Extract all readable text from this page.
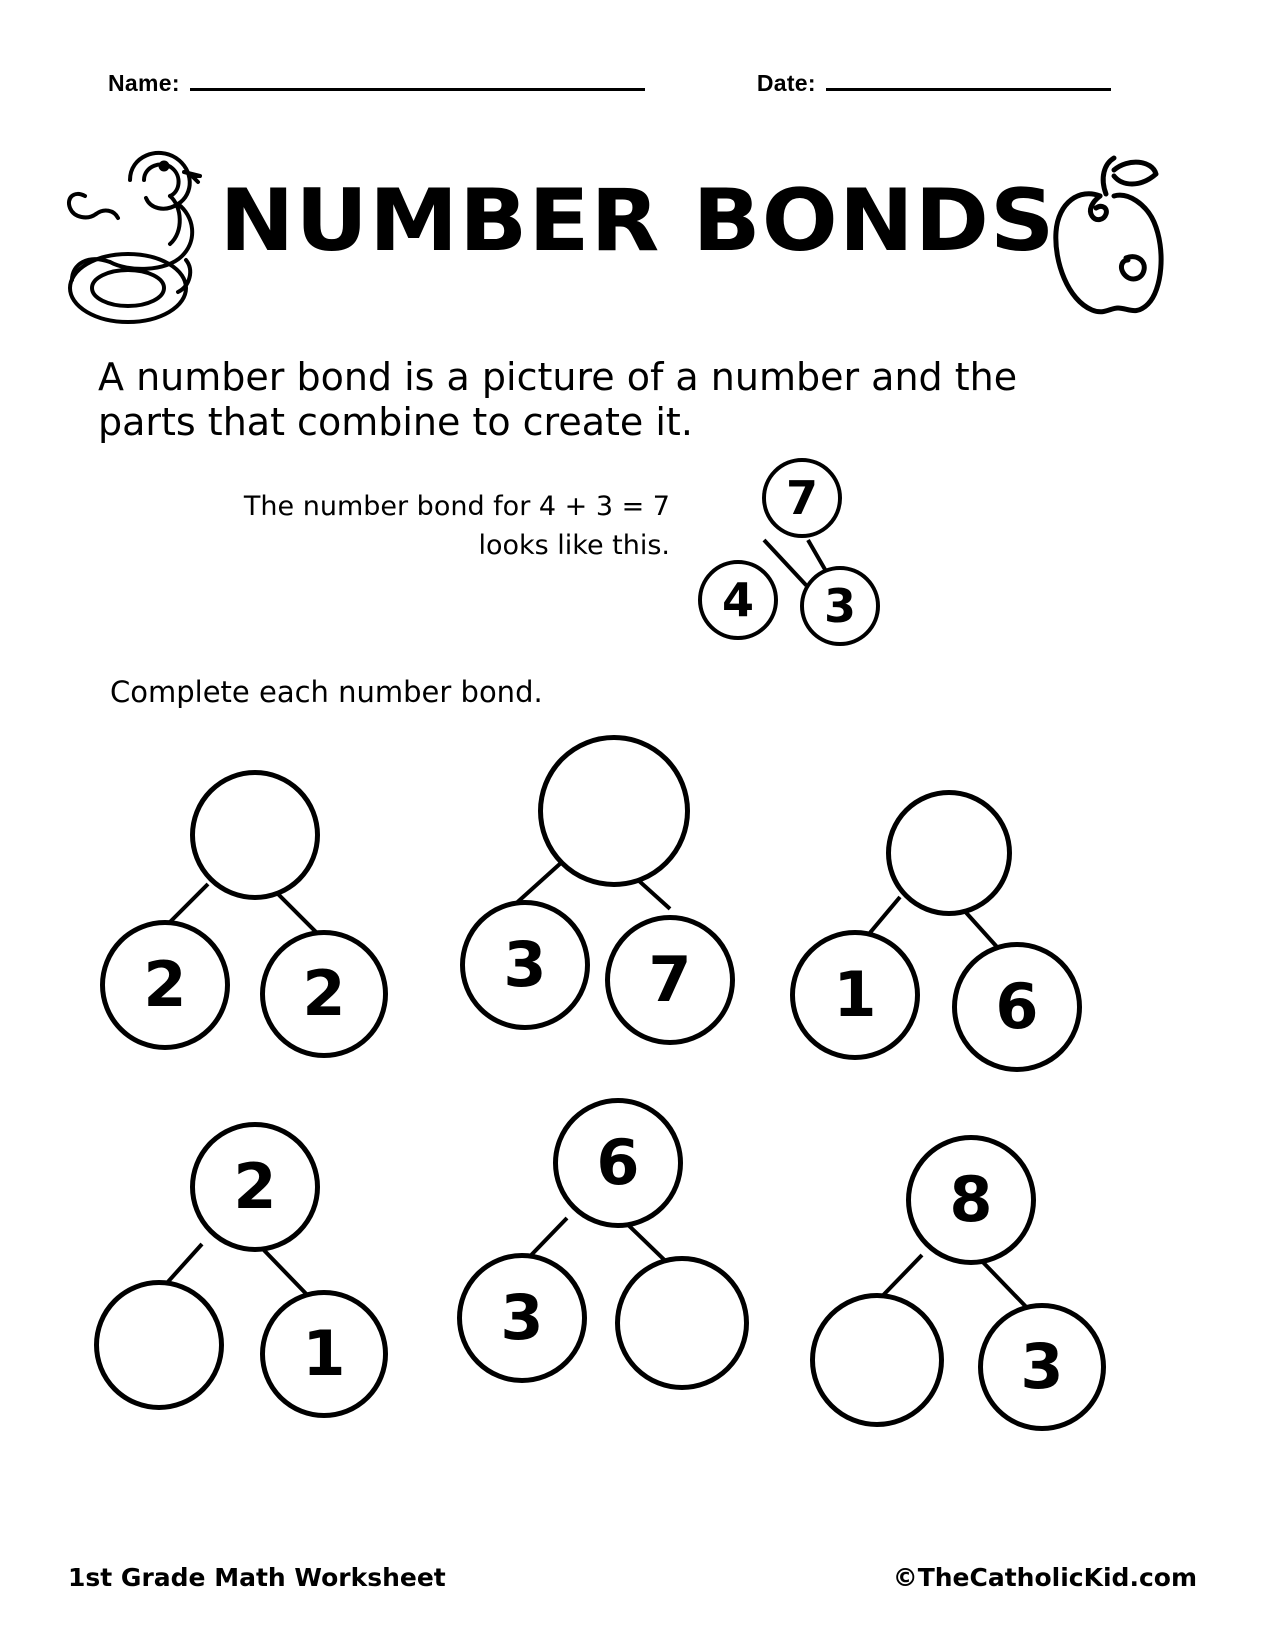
Name:	Date:
NUMBER BONDS
A number bond is a picture of a number and the parts that combine to create it.
The number bond for 4 + 3 = 7 looks like this.
7
4	3
Complete each number bond.
2	2	3	7	1	6
2
1
6
3
8
3
1st Grade Math Worksheet	©TheCatholicKid.com
